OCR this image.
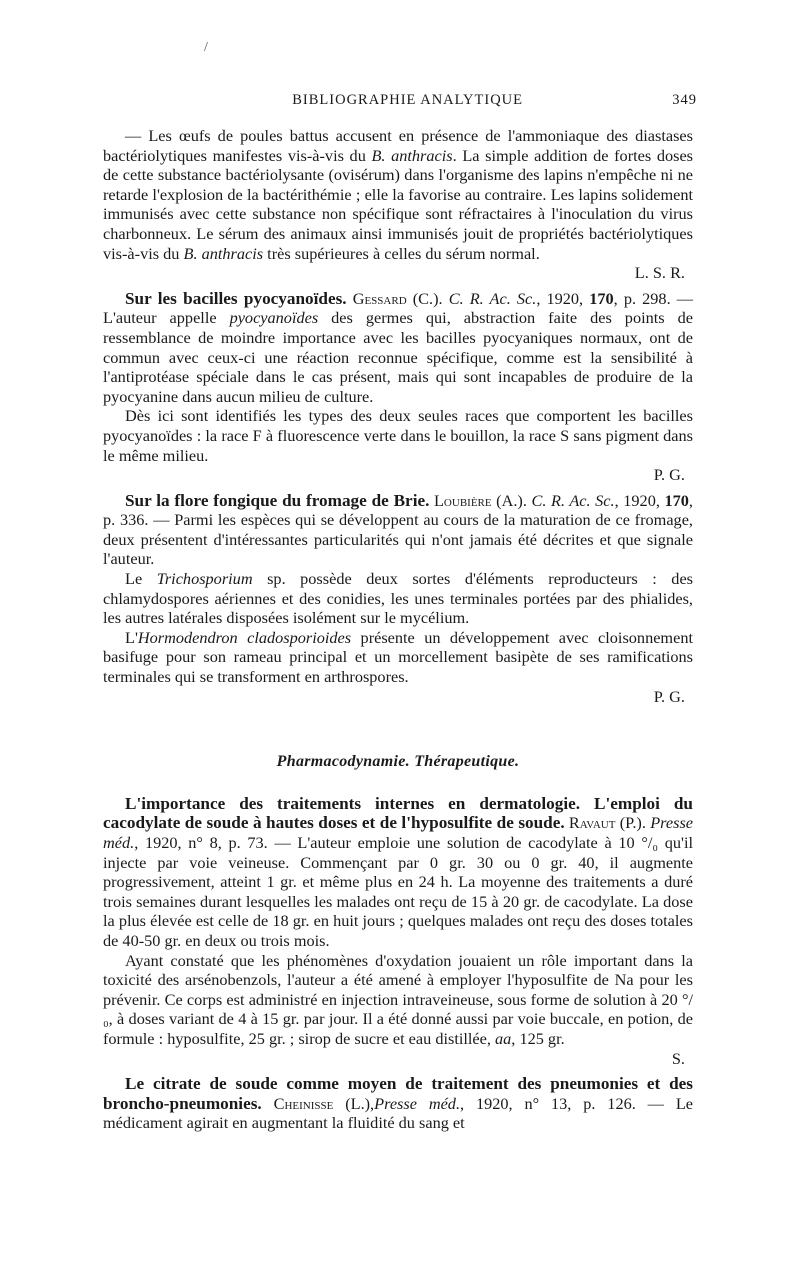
/
BIBLIOGRAPHIE ANALYTIQUE	349

— Les œufs de poules battus accusent en présence de l'ammoniaque des diastases bactériolytiques manifestes vis-à-vis du B. anthracis. La simple addition de fortes doses de cette substance bactériolysante (ovisérum) dans l'organisme des lapins n'empêche ni ne retarde l'explosion de la bactérithémie ; elle la favorise au contraire. Les lapins solidement immunisés avec cette substance non spécifique sont réfractaires à l'inoculation du virus charbonneux. Le sérum des animaux ainsi immunisés jouit de propriétés bactériolytiques vis-à-vis du B. anthracis très supérieures à celles du sérum normal.

L. S. R.

Sur les bacilles pyocyanoïdes. Gessard (C.). C. R. Ac. Sc., 1920, 170, p. 298. — L'auteur appelle pyocyanoïdes des germes qui, abstraction faite des points de ressemblance de moindre importance avec les bacilles pyocyaniques normaux, ont de commun avec ceux-ci une réaction reconnue spécifique, comme est la sensibilité à l'antiprotéase spéciale dans le cas présent, mais qui sont incapables de produire de la pyocyanine dans aucun milieu de culture.

Dès ici sont identifiés les types des deux seules races que comportent les bacilles pyocyanoïdes : la race F à fluorescence verte dans le bouillon, la race S sans pigment dans le même milieu.

P. G.

Sur la flore fongique du fromage de Brie. Loubière (A.). C. R. Ac. Sc., 1920, 170, p. 336. — Parmi les espèces qui se développent au cours de la maturation de ce fromage, deux présentent d'intéressantes particularités qui n'ont jamais été décrites et que signale l'auteur.

Le Trichosporium sp. possède deux sortes d'éléments reproducteurs : des chlamydospores aériennes et des conidies, les unes terminales portées par des phialides, les autres latérales disposées isolément sur le mycélium.

L'Hormodendron cladosporioides présente un développement avec cloisonnement basifuge pour son rameau principal et un morcellement basipète de ses ramifications terminales qui se transforment en arthrospores.

P. G.
Pharmacodynamie. Thérapeutique.

L'importance des traitements internes en dermatologie. L'emploi du cacodylate de soude à hautes doses et de l'hyposulfite de soude. Ravaut (P.). Presse méd., 1920, n° 8, p. 73. — L'auteur emploie une solution de cacodylate à 10 °/₀ qu'il injecte par voie veineuse. Commençant par 0 gr. 30 ou 0 gr. 40, il augmente progressivement, atteint 1 gr. et même plus en 24 h. La moyenne des traitements a duré trois semaines durant lesquelles les malades ont reçu de 15 à 20 gr. de cacodylate. La dose la plus élevée est celle de 18 gr. en huit jours ; quelques malades ont reçu des doses totales de 40-50 gr. en deux ou trois mois.

Ayant constaté que les phénomènes d'oxydation jouaient un rôle important dans la toxicité des arsénobenzols, l'auteur a été amené à employer l'hyposulfite de Na pour les prévenir. Ce corps est administré en injection intraveineuse, sous forme de solution à 20 °/₀, à doses variant de 4 à 15 gr. par jour. Il a été donné aussi par voie buccale, en potion, de formule : hyposulfite, 25 gr. ; sirop de sucre et eau distillée, aa, 125 gr.

S.

Le citrate de soude comme moyen de traitement des pneumonies et des broncho-pneumonies. Cheinisse (L.),Presse méd., 1920, n° 13, p. 126. — Le médicament agirait en augmentant la fluidité du sang et
